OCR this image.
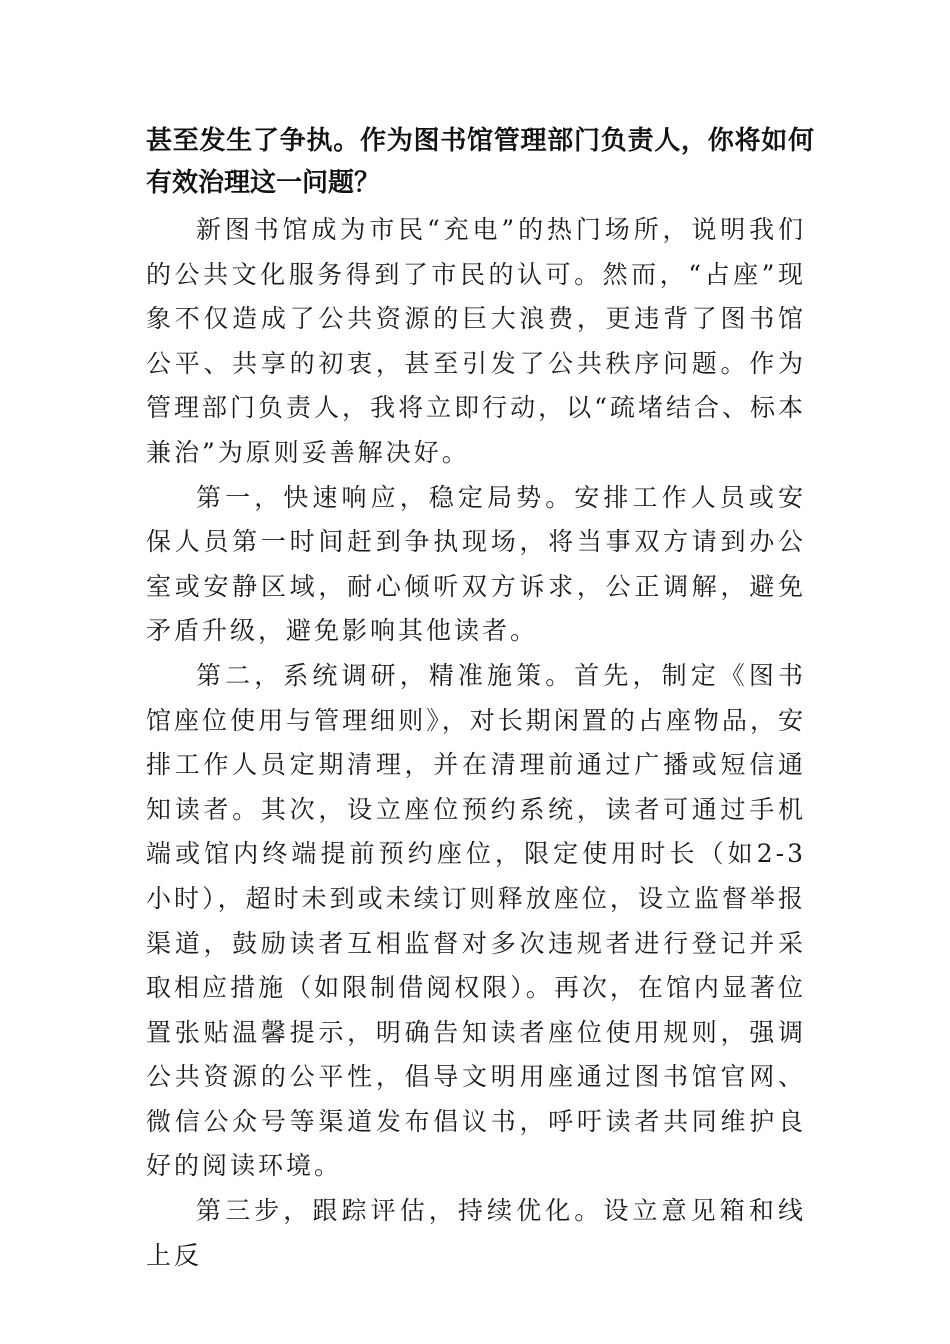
甚至发生了争执。作为图书馆管理部门负责人，你将如何有效治理这一问题？

新图书馆成为市民“充电”的热门场所，说明我们的公共文化服务得到了市民的认可。然而，“占座”现象不仅造成了公共资源的巨大浪费，更违背了图书馆公平、共享的初衷，甚至引发了公共秩序问题。作为管理部门负责人，我将立即行动，以“疏堵结合、标本兼治”为原则妥善解决好。

第一，快速响应，稳定局势。安排工作人员或安保人员第一时间赶到争执现场，将当事双方请到办公室或安静区域，耐心倾听双方诉求，公正调解，避免矛盾升级，避免影响其他读者。

第二，系统调研，精准施策。首先，制定《图书馆座位使用与管理细则》，对长期闲置的占座物品，安排工作人员定期清理，并在清理前通过广播或短信通知读者。其次，设立座位预约系统，读者可通过手机端或馆内终端提前预约座位，限定使用时长（如2-3小时），超时未到或未续订则释放座位，设立监督举报渠道，鼓励读者互相监督对多次违规者进行登记并采取相应措施（如限制借阅权限）。再次，在馆内显著位置张贴温馨提示，明确告知读者座位使用规则，强调公共资源的公平性，倡导文明用座通过图书馆官网、微信公众号等渠道发布倡议书，呼吁读者共同维护良好的阅读环境。

第三步，跟踪评估，持续优化。设立意见箱和线上反
